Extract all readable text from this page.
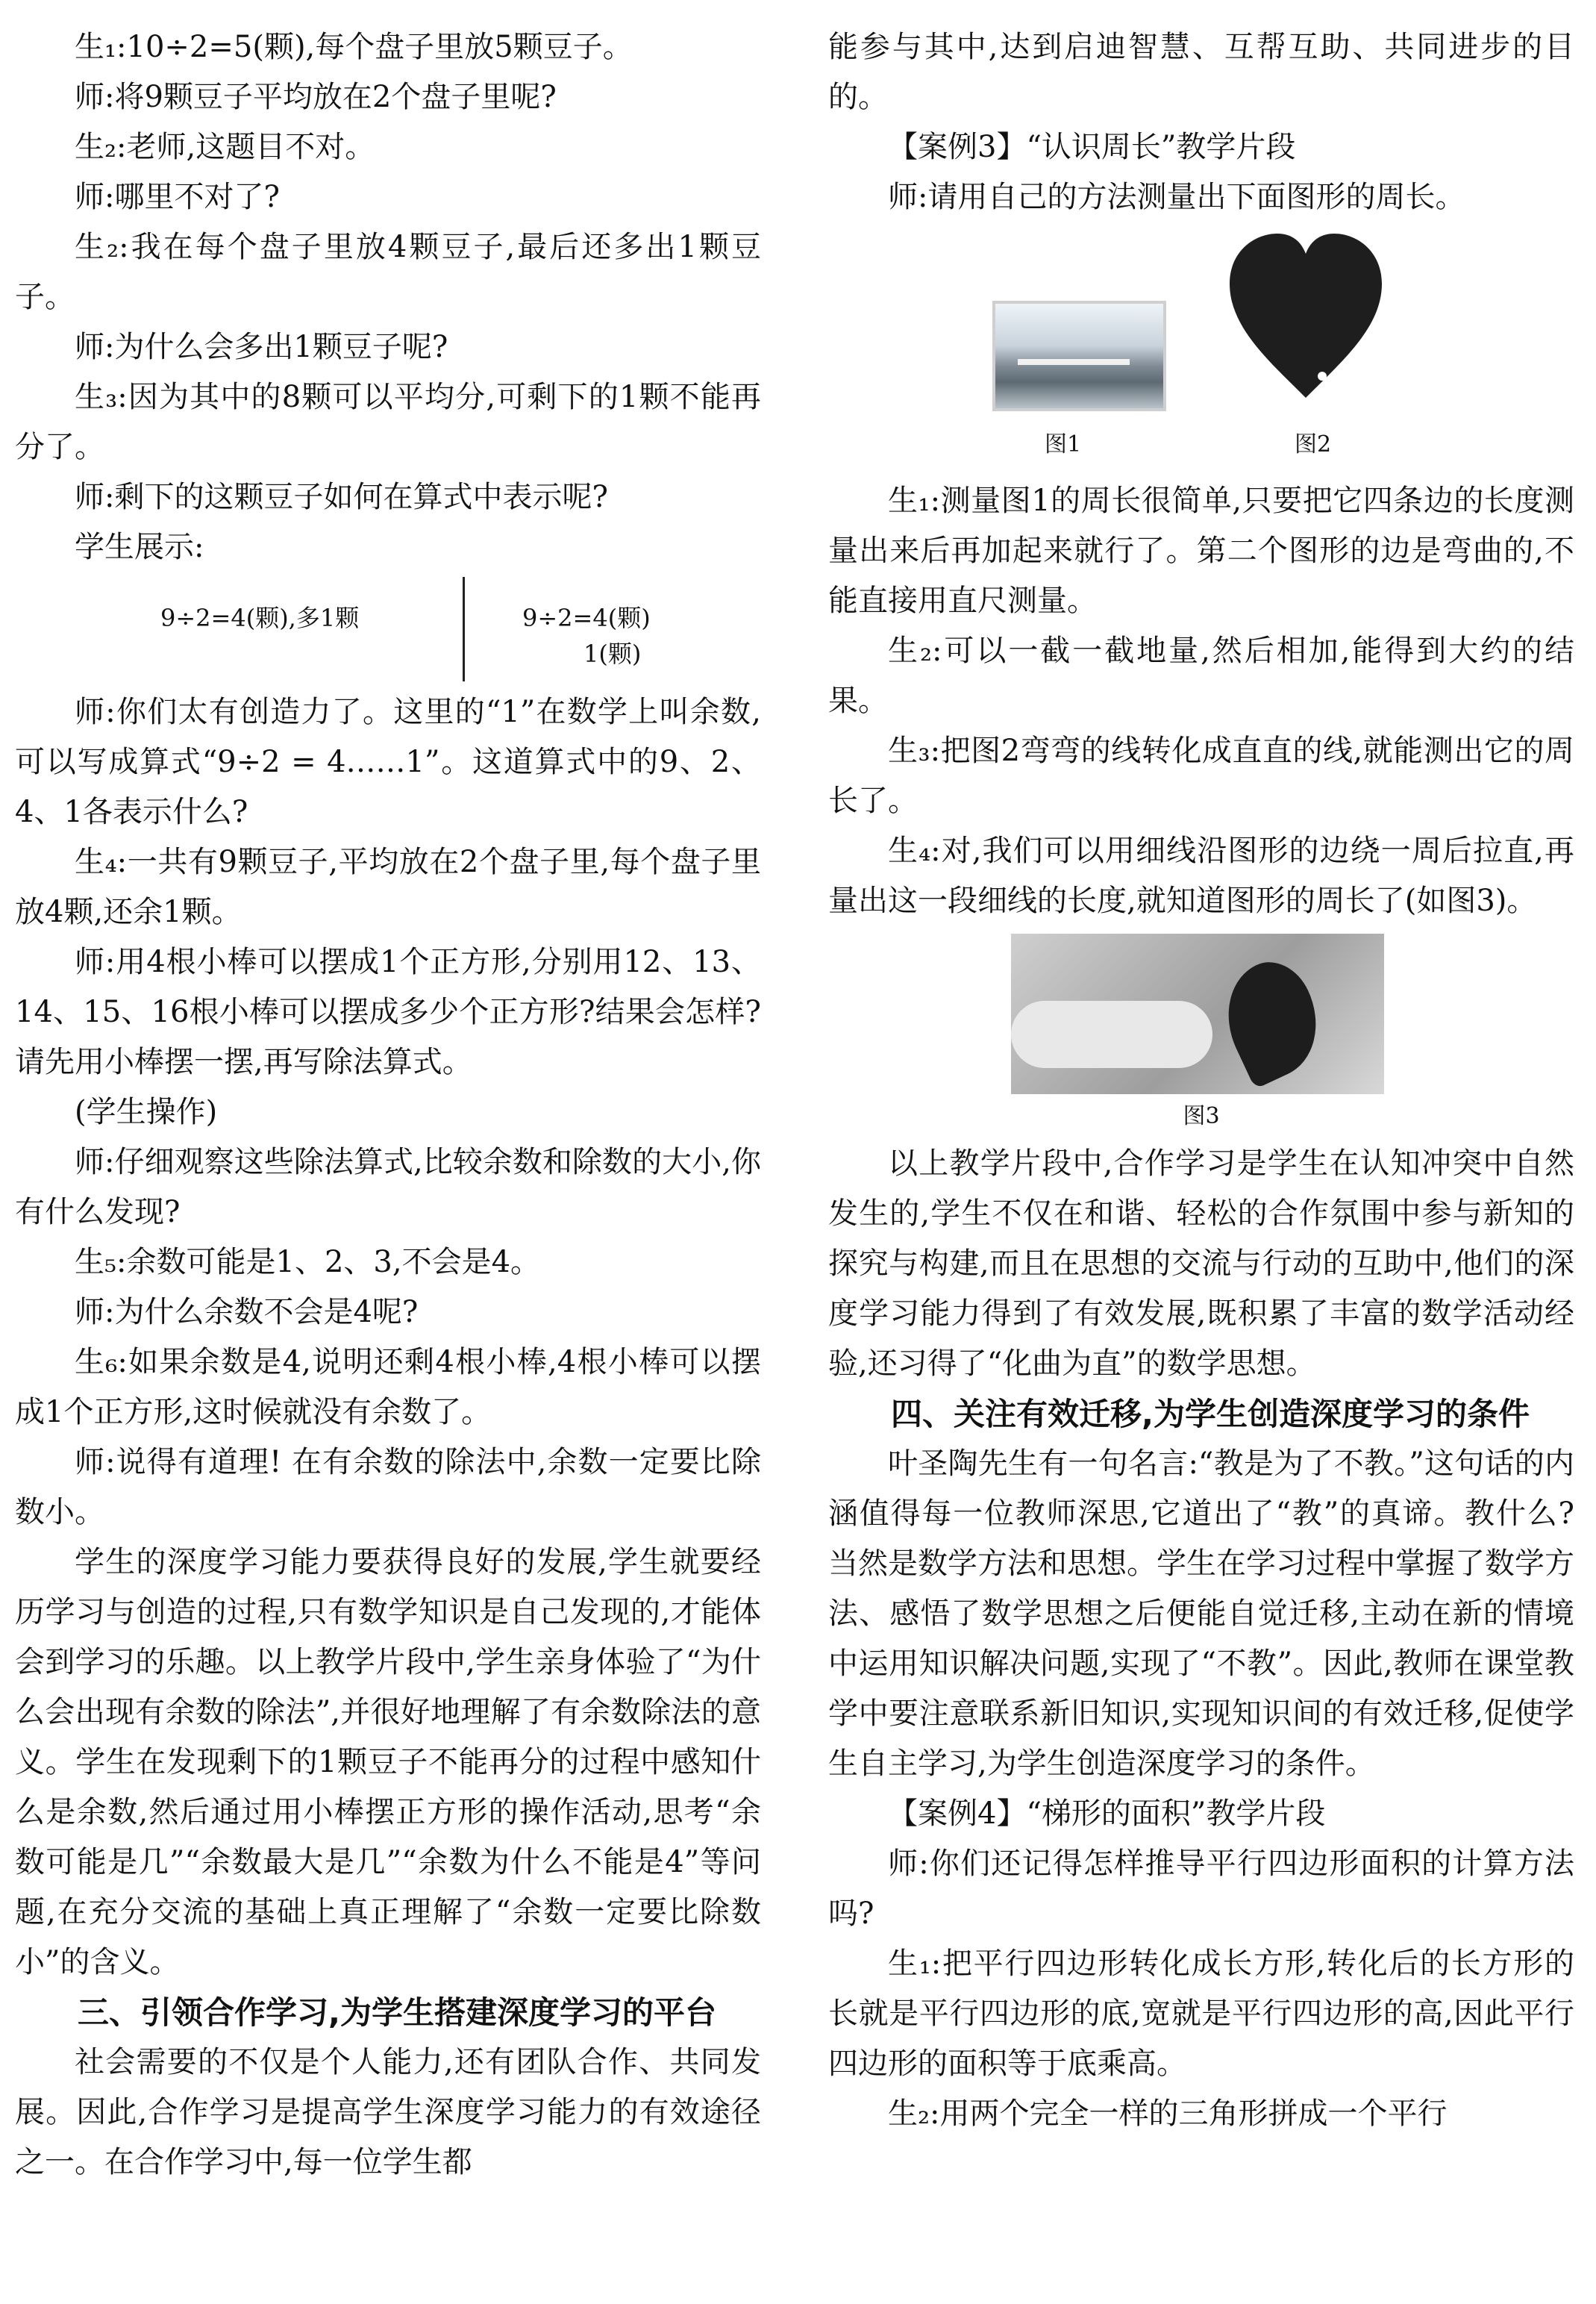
生₁:10÷2=5(颗),每个盘子里放5颗豆子。

师:将9颗豆子平均放在2个盘子里呢?

生₂:老师,这题目不对。

师:哪里不对了?

生₂:我在每个盘子里放4颗豆子,最后还多出1颗豆子。

师:为什么会多出1颗豆子呢?

生₃:因为其中的8颗可以平均分,可剩下的1颗不能再分了。

师:剩下的这颗豆子如何在算式中表示呢?

学生展示:

9÷2=4(颗),多1颗	9÷2=4(颗)
1(颗)

师:你们太有创造力了。这里的“1”在数学上叫余数,可以写成算式“9÷2 = 4……1”。这道算式中的9、2、4、1各表示什么?

生₄:一共有9颗豆子,平均放在2个盘子里,每个盘子里放4颗,还余1颗。

师:用4根小棒可以摆成1个正方形,分别用12、13、14、15、16根小棒可以摆成多少个正方形?结果会怎样? 请先用小棒摆一摆,再写除法算式。

(学生操作)

师:仔细观察这些除法算式,比较余数和除数的大小,你有什么发现?

生₅:余数可能是1、2、3,不会是4。

师:为什么余数不会是4呢?

生₆:如果余数是4,说明还剩4根小棒,4根小棒可以摆成1个正方形,这时候就没有余数了。

师:说得有道理! 在有余数的除法中,余数一定要比除数小。

学生的深度学习能力要获得良好的发展,学生就要经历学习与创造的过程,只有数学知识是自己发现的,才能体会到学习的乐趣。以上教学片段中,学生亲身体验了“为什么会出现有余数的除法”,并很好地理解了有余数除法的意义。学生在发现剩下的1颗豆子不能再分的过程中感知什么是余数,然后通过用小棒摆正方形的操作活动,思考“余数可能是几”“余数最大是几”“余数为什么不能是4”等问题,在充分交流的基础上真正理解了“余数一定要比除数小”的含义。

三、引领合作学习,为学生搭建深度学习的平台

社会需要的不仅是个人能力,还有团队合作、共同发展。因此,合作学习是提高学生深度学习能力的有效途径之一。在合作学习中,每一位学生都

能参与其中,达到启迪智慧、互帮互助、共同进步的目的。

【案例3】“认识周长”教学片段

师:请用自己的方法测量出下面图形的周长。

图1	图2

生₁:测量图1的周长很简单,只要把它四条边的长度测量出来后再加起来就行了。第二个图形的边是弯曲的,不能直接用直尺测量。

生₂:可以一截一截地量,然后相加,能得到大约的结果。

生₃:把图2弯弯的线转化成直直的线,就能测出它的周长了。

生₄:对,我们可以用细线沿图形的边绕一周后拉直,再量出这一段细线的长度,就知道图形的周长了(如图3)。

图3

以上教学片段中,合作学习是学生在认知冲突中自然发生的,学生不仅在和谐、轻松的合作氛围中参与新知的探究与构建,而且在思想的交流与行动的互助中,他们的深度学习能力得到了有效发展,既积累了丰富的数学活动经验,还习得了“化曲为直”的数学思想。

四、关注有效迁移,为学生创造深度学习的条件

叶圣陶先生有一句名言:“教是为了不教。”这句话的内涵值得每一位教师深思,它道出了“教”的真谛。教什么? 当然是数学方法和思想。学生在学习过程中掌握了数学方法、感悟了数学思想之后便能自觉迁移,主动在新的情境中运用知识解决问题,实现了“不教”。因此,教师在课堂教学中要注意联系新旧知识,实现知识间的有效迁移,促使学生自主学习,为学生创造深度学习的条件。

【案例4】“梯形的面积”教学片段

师:你们还记得怎样推导平行四边形面积的计算方法吗?

生₁:把平行四边形转化成长方形,转化后的长方形的长就是平行四边形的底,宽就是平行四边形的高,因此平行四边形的面积等于底乘高。

生₂:用两个完全一样的三角形拼成一个平行
